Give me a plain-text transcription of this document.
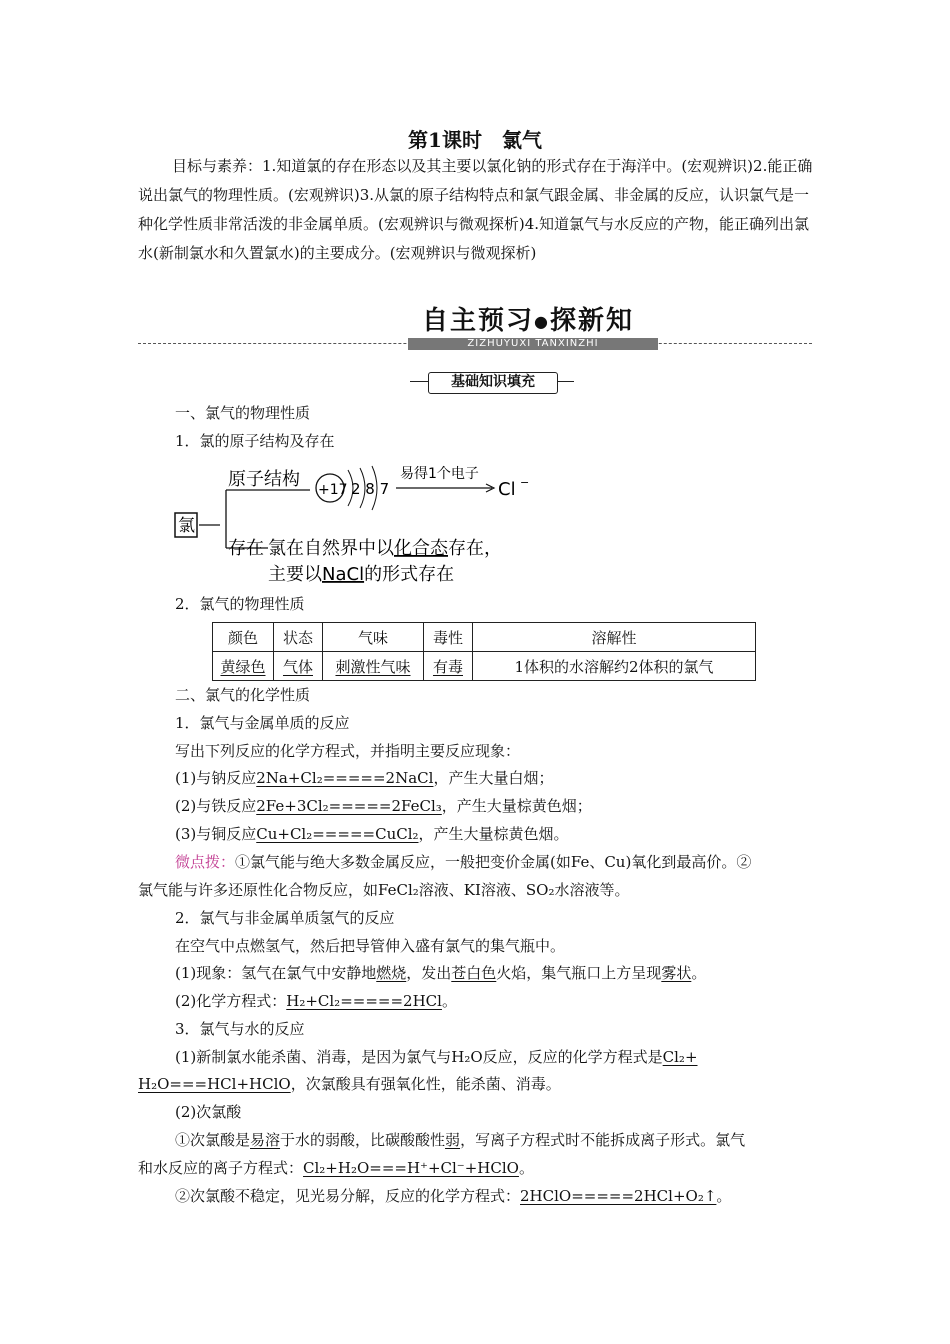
第1课时　氯气
目标与素养：1.知道氯的存在形态以及其主要以氯化钠的形式存在于海洋中。(宏观辨识)2.能正确说出氯气的物理性质。(宏观辨识)3.从氯的原子结构特点和氯气跟金属、非金属的反应，认识氯气是一种化学性质非常活泼的非金属单质。(宏观辨识与微观探析)4.知道氯气与水反应的产物，能正确列出氯水(新制氯水和久置氯水)的主要成分。(宏观辨识与微观探析)
自主预习●探新知
ZIZHUYUXI TANXINZHI
基础知识填充
一、氯气的物理性质
1．氯的原子结构及存在
氯
原子结构 +17 2 8 7
易得1个电子
Cl −
存在 氯在自然界中以化合态存在，
主要以NaCl的形式存在
2．氯气的物理性质
颜色	状态	气味	毒性	溶解性
黄绿色	气体	刺激性气味	有毒	1体积的水溶解约2体积的氯气
二、氯气的化学性质
1．氯气与金属单质的反应
写出下列反应的化学方程式，并指明主要反应现象：
(1)与钠反应2Na+Cl₂=====2NaCl，产生大量白烟；
(2)与铁反应2Fe+3Cl₂=====2FeCl₃，产生大量棕黄色烟；
(3)与铜反应Cu+Cl₂=====CuCl₂，产生大量棕黄色烟。
微点拨：①氯气能与绝大多数金属反应，一般把变价金属(如Fe、Cu)氧化到最高价。②
氯气能与许多还原性化合物反应，如FeCl₂溶液、KI溶液、SO₂水溶液等。
2．氯气与非金属单质氢气的反应
在空气中点燃氢气，然后把导管伸入盛有氯气的集气瓶中。
(1)现象：氢气在氯气中安静地燃烧，发出苍白色火焰，集气瓶口上方呈现雾状。
(2)化学方程式：H₂+Cl₂=====2HCl。
3．氯气与水的反应
(1)新制氯水能杀菌、消毒，是因为氯气与H₂O反应，反应的化学方程式是Cl₂+
H₂O===HCl+HClO，次氯酸具有强氧化性，能杀菌、消毒。
(2)次氯酸
①次氯酸是易溶于水的弱酸，比碳酸酸性弱，写离子方程式时不能拆成离子形式。氯气
和水反应的离子方程式：Cl₂+H₂O===H⁺+Cl⁻+HClO。
②次氯酸不稳定，见光易分解，反应的化学方程式：2HClO=====2HCl+O₂↑。
